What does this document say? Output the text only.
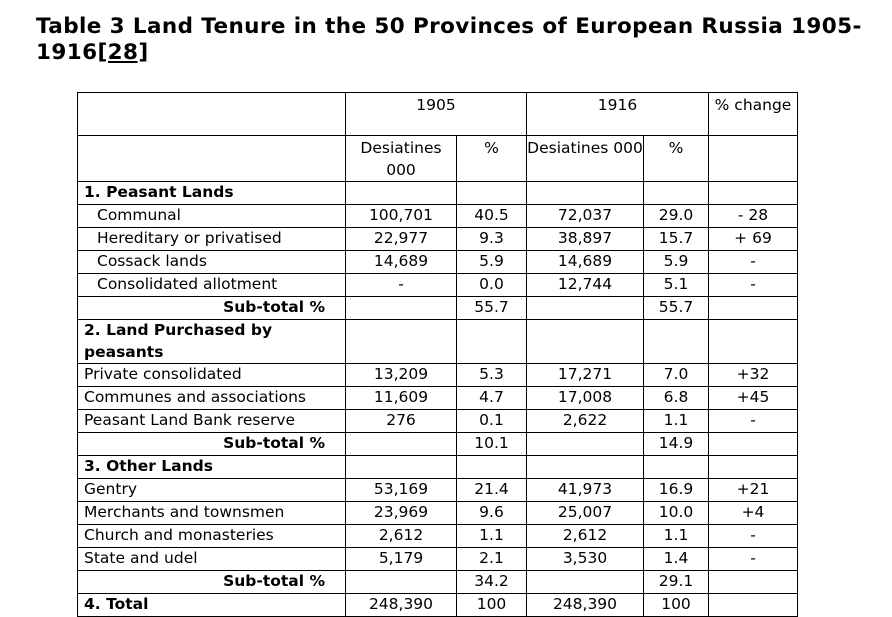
Table 3 Land Tenure in the 50 Provinces of European Russia 1905-
1916[28]
	1905		1916		% change
	Desiatines 000	%	Desiatines 000	%	
1. Peasant Lands					
Communal	100,701	40.5	72,037	29.0	- 28
Hereditary or privatised	22,977	9.3	38,897	15.7	+ 69
Cossack lands	14,689	5.9	14,689	5.9	-
Consolidated allotment	-	0.0	12,744	5.1	-
Sub-total %		55.7		55.7	
2. Land Purchased by peasants					
Private consolidated	13,209	5.3	17,271	7.0	+32
Communes and associations	11,609	4.7	17,008	6.8	+45
Peasant Land Bank reserve	276	0.1	2,622	1.1	-
Sub-total %		10.1		14.9	
3. Other Lands					
Gentry	53,169	21.4	41,973	16.9	+21
Merchants and townsmen	23,969	9.6	25,007	10.0	+4
Church and monasteries	2,612	1.1	2,612	1.1	-
State and udel	5,179	2.1	3,530	1.4	-
Sub-total %		34.2		29.1	
4. Total	248,390	100	248,390	100	
